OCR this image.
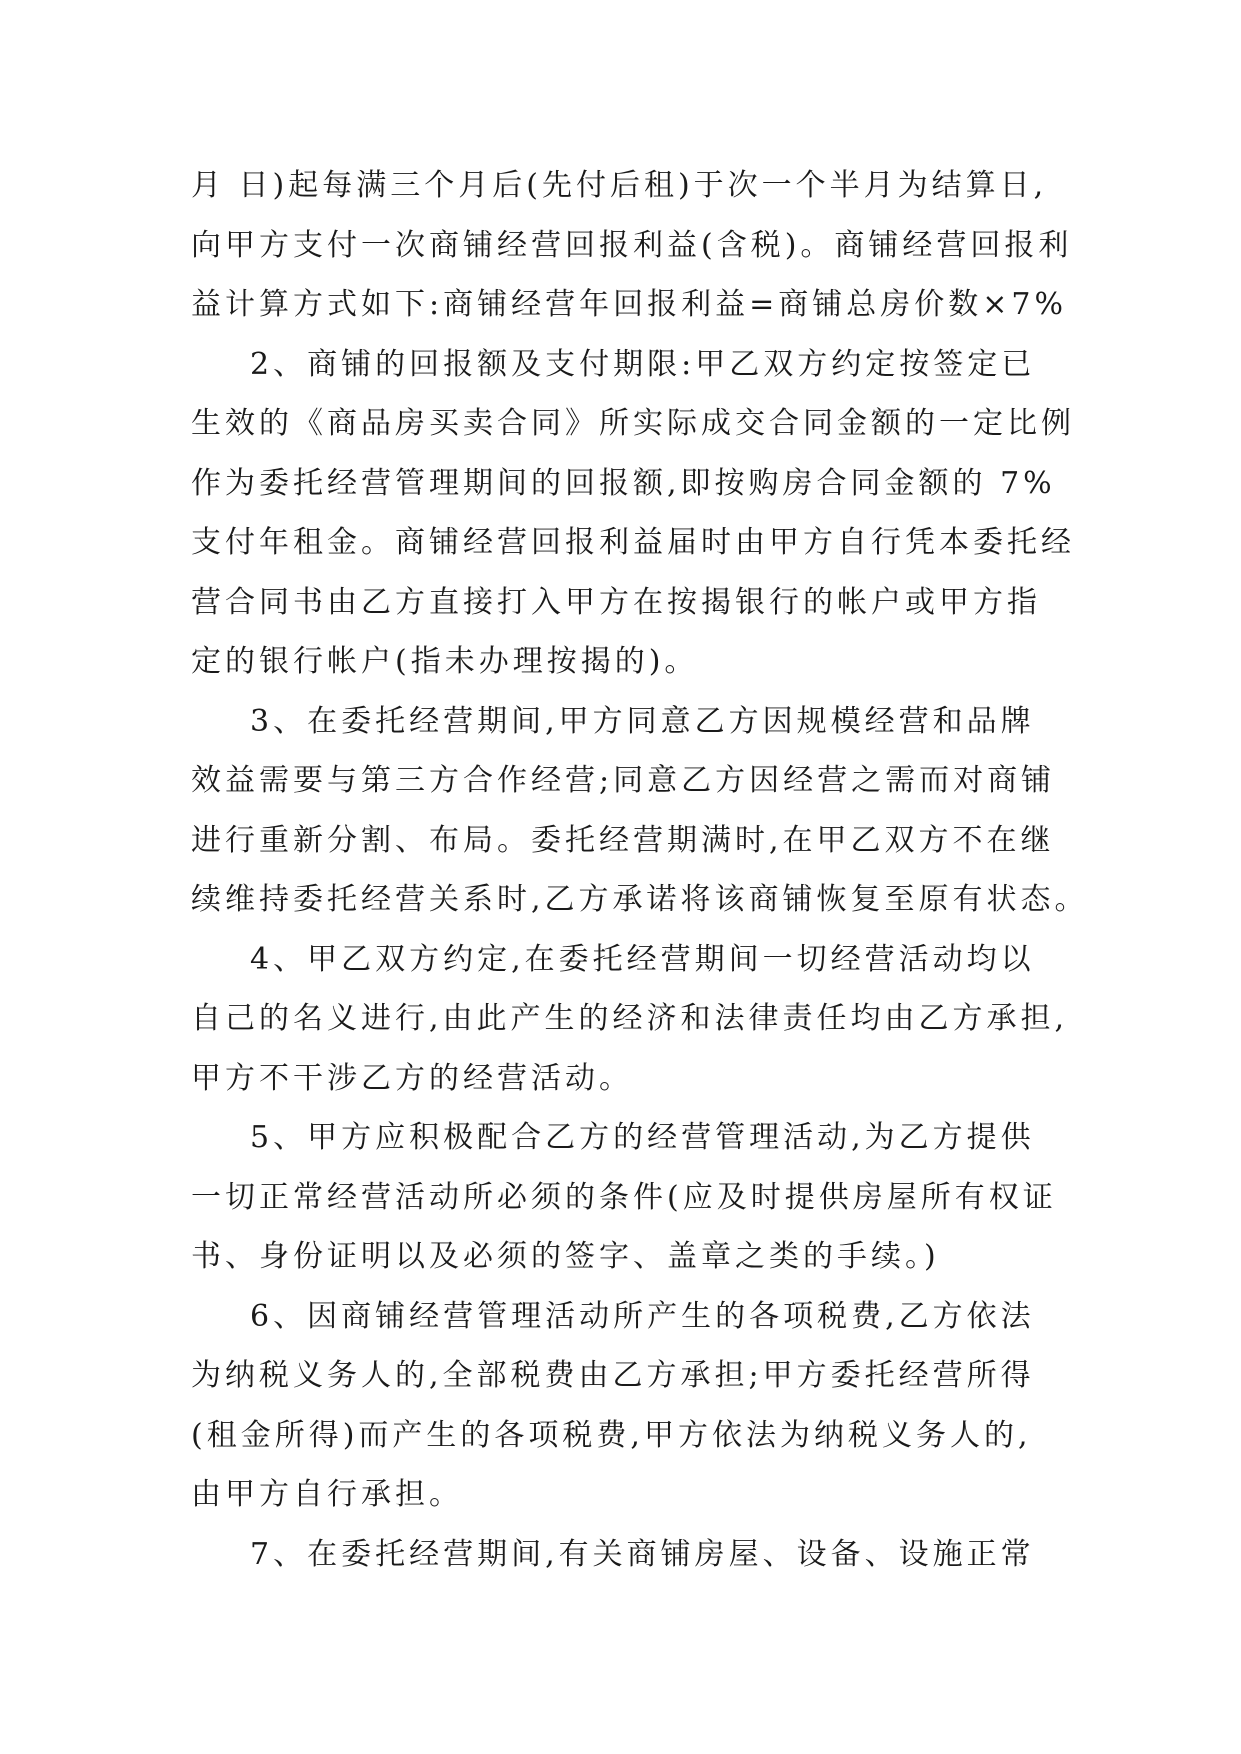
月 日)起每满三个月后(先付后租)于次一个半月为结算日,
向甲方支付一次商铺经营回报利益(含税)。商铺经营回报利
益计算方式如下:商铺经营年回报利益=商铺总房价数×7%
2、商铺的回报额及支付期限:甲乙双方约定按签定已
生效的《商品房买卖合同》所实际成交合同金额的一定比例
作为委托经营管理期间的回报额,即按购房合同金额的 7%
支付年租金。商铺经营回报利益届时由甲方自行凭本委托经
营合同书由乙方直接打入甲方在按揭银行的帐户或甲方指
定的银行帐户(指未办理按揭的)。
3、在委托经营期间,甲方同意乙方因规模经营和品牌
效益需要与第三方合作经营;同意乙方因经营之需而对商铺
进行重新分割、布局。委托经营期满时,在甲乙双方不在继
续维持委托经营关系时,乙方承诺将该商铺恢复至原有状态。
4、甲乙双方约定,在委托经营期间一切经营活动均以
自己的名义进行,由此产生的经济和法律责任均由乙方承担,
甲方不干涉乙方的经营活动。
5、甲方应积极配合乙方的经营管理活动,为乙方提供
一切正常经营活动所必须的条件(应及时提供房屋所有权证
书、身份证明以及必须的签字、盖章之类的手续。)
6、因商铺经营管理活动所产生的各项税费,乙方依法
为纳税义务人的,全部税费由乙方承担;甲方委托经营所得
(租金所得)而产生的各项税费,甲方依法为纳税义务人的,
由甲方自行承担。
7、在委托经营期间,有关商铺房屋、设备、设施正常
